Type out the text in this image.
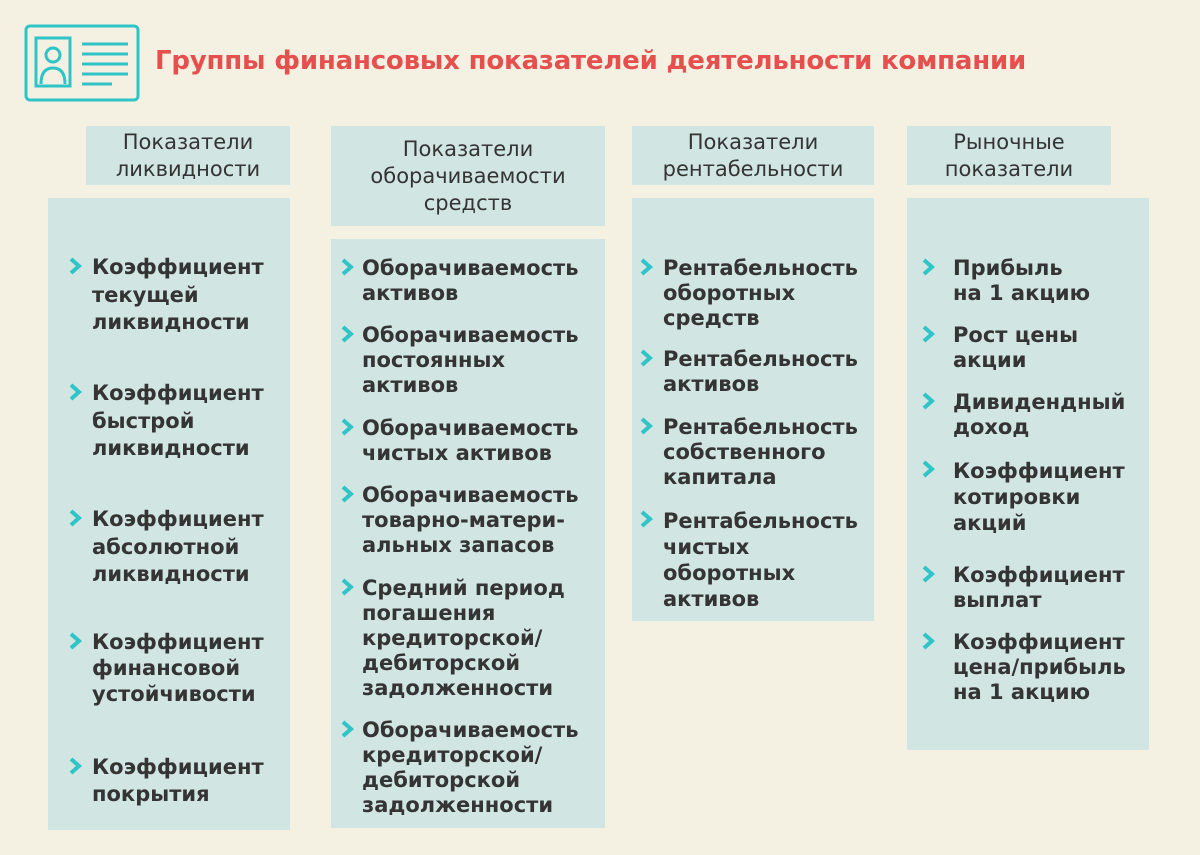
Группы финансовых показателей деятельности компании
Показатели
ликвидности
Коэффициент
текущей
ликвидности
Коэффициент
быстрой
ликвидности
Коэффициент
абсолютной
ликвидности
Коэффициент
финансовой
устойчивости
Коэффициент
покрытия
Показатели
оборачиваемости
средств
Оборачиваемость
активов
Оборачиваемость
постоянных
активов
Оборачиваемость
чистых активов
Оборачиваемость
товарно-матери-
альных запасов
Средний период
погашения
кредиторской/
дебиторской
задолженности
Оборачиваемость
кредиторской/
дебиторской
задолженности
Показатели
рентабельности
Рентабельность
оборотных
средств
Рентабельность
активов
Рентабельность
собственного
капитала
Рентабельность
чистых
оборотных
активов
Рыночные
показатели
Прибыль
на 1 акцию
Рост цены
акции
Дивидендный
доход
Коэффициент
котировки
акций
Коэффициент
выплат
Коэффициент
цена/прибыль
на 1 акцию
